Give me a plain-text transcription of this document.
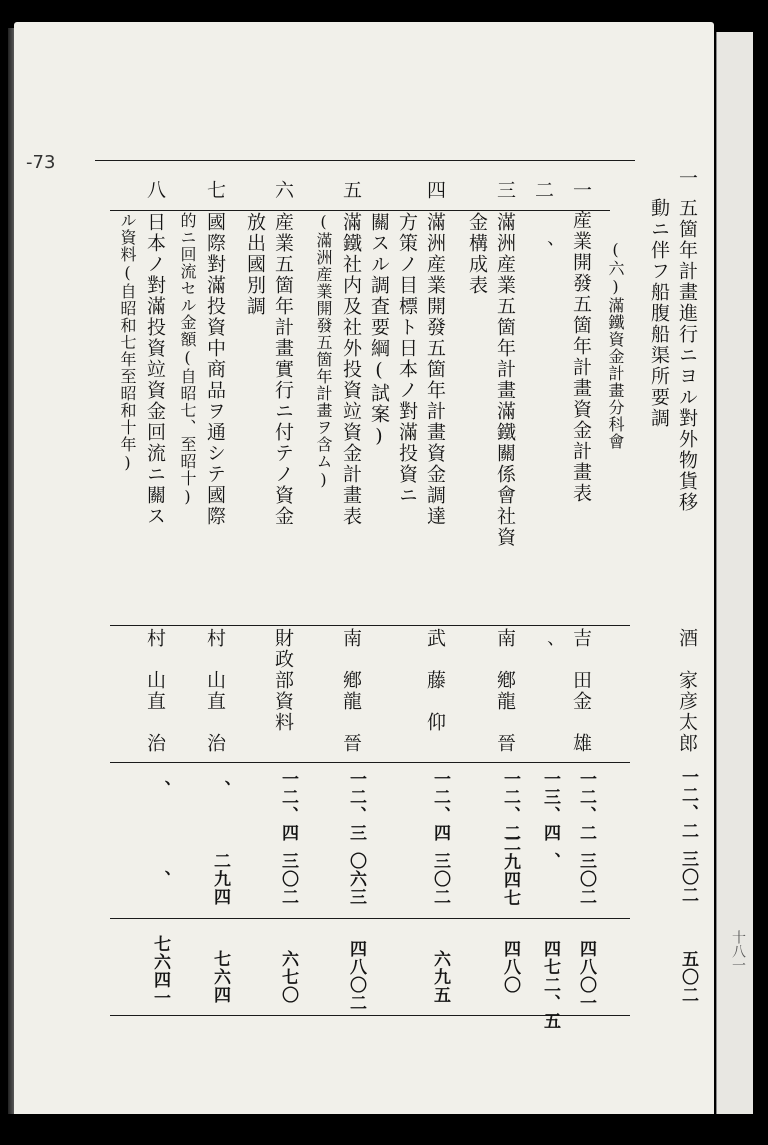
-73
十八一
一
五箇年計畫進行ニヨル對外物貨移
動ニ伴フ船腹船渠所要調
酒　家彦太郎
一二、二
三〇二
五〇二
一
(六)滿鐵資金計畫分科會
産業開發五箇年計畫資金計畫表
吉　田金　雄
一二、二
三〇二
四八〇一
二
、
、
一三、四
、
四七二、五
三
滿洲産業五箇年計畫滿鐵關係會社資
金構成表
南　鄕龍　晉
一二、二
二九四七
四八〇
四
滿洲産業開發五箇年計畫資金調達
方策ノ目標ト日本ノ對滿投資ニ
關スル調査要綱(試案)
武　藤　仰
一二、四
三〇二
六九五
五
滿鐵社内及社外投資竝資金計畫表
(滿洲産業開發五箇年計畫ヲ含ム)
南　鄕龍　晉
一二、三
〇六三
四八〇二
六
産業五箇年計畫實行ニ付テノ資金
放出國別調
財政部資料
一二、四
三〇二
六七〇
七
國際對滿投資中商品ヲ通シテ國際
的ニ回流セル金額(自昭七、至昭十)
村　山直　治
、
二九四
七六四
八
日本ノ對滿投資竝資金回流ニ關ス
ル資料(自昭和七年至昭和十年)
村　山直　治
、
、
七六四一
